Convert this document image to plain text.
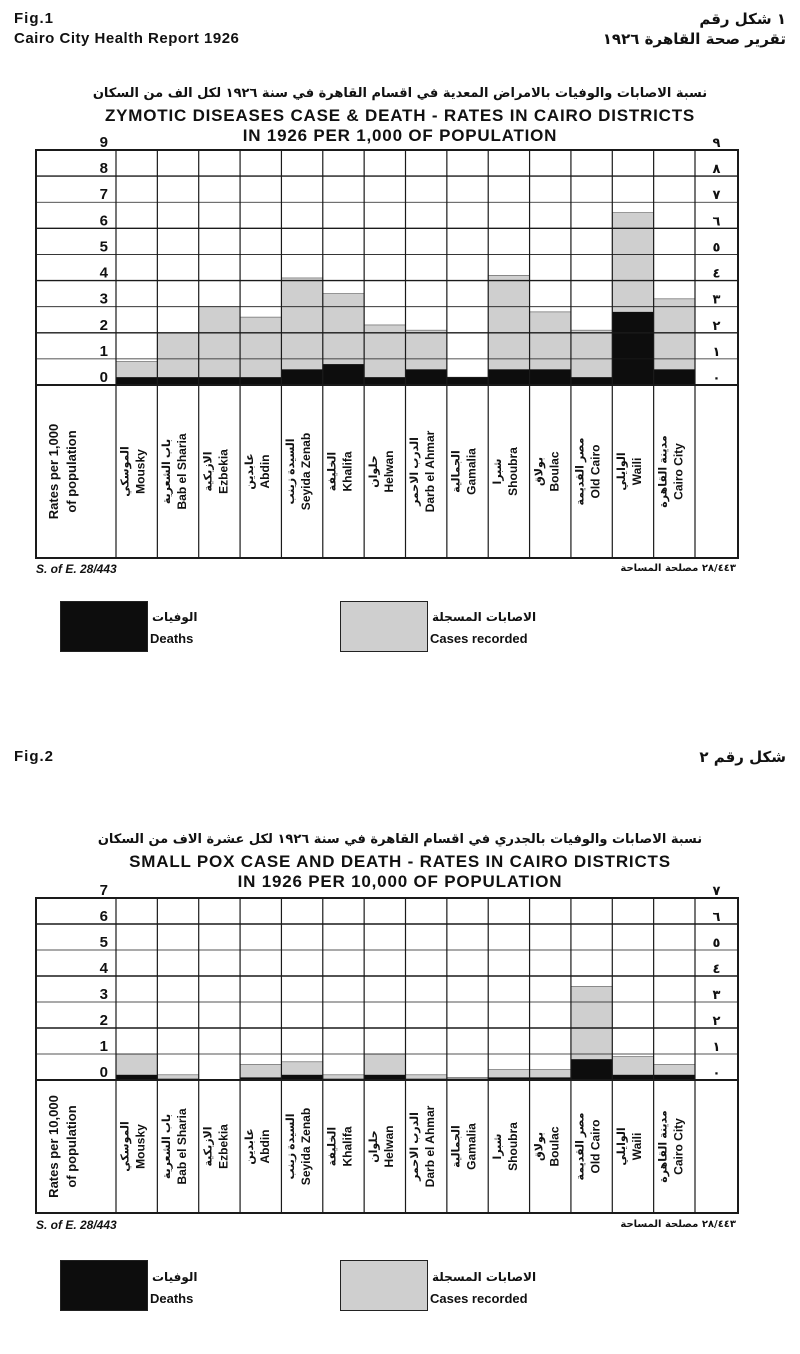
Fig.1
Cairo City Health Report 1926
١ شكل رقم
تقرير صحة القاهرة ١٩٢٦
نسبة الاصابات والوفيات بالامراض المعدية في اقسام القاهرة في سنة ١٩٢٦ لكل الف من السكان
ZYMOTIC DISEASES CASE & DEATH - RATES IN CAIRO DISTRICTS
IN 1926 PER 1,000 OF POPULATION
0	٠
1	١
2	٢
3	٣
4	٤
5	٥
6	٦
7	٧
8	٨
9	٩
Rates per 1,000 of population	Mousky
الموسكي	Bab el Sharia
باب الشعرية	Ezbekia
الازبكية	Abdin
عابدين	Seyida Zenab
السيدة زينب	Khalifa
الخليفة	Helwan
حلوان	Darb el Ahmar
الدرب الاحمر	Gamalia
الجمالية	Shoubra
شبرا	Boulac
بولاق	Old Cairo
مصر القديمة	Waili
الوايلي	Cairo City
مدينة القاهرة
0	٠
1	١
2	٢
3	٣
4	٤
5	٥
6	٦
7	٧
Rates per 10,000 of population	Mousky
الموسكي	Bab el Sharia
باب الشعرية	Ezbekia
الازبكية	Abdin
عابدين	Seyida Zenab
السيدة زينب	Khalifa
الخليفة	Helwan
حلوان	Darb el Ahmar
الدرب الاحمر	Gamalia
الجمالية	Shoubra
شبرا	Boulac
بولاق	Old Cairo
مصر القديمة	Waili
الوايلي	Cairo City
مدينة القاهرة
S. of E. 28/443	٢٨/٤٤٣ مصلحة المساحة
الوفيات
Deaths
الاصابات المسجلة
Cases recorded
Fig.2	شكل رقم ٢
نسبة الاصابات والوفيات بالجدري في اقسام القاهرة في سنة ١٩٢٦ لكل عشرة الاف من السكان
SMALL POX CASE AND DEATH - RATES IN CAIRO DISTRICTS
IN 1926 PER 10,000 OF POPULATION
S. of E. 28/443	٢٨/٤٤٣ مصلحة المساحة
الوفيات
Deaths
الاصابات المسجلة
Cases recorded
